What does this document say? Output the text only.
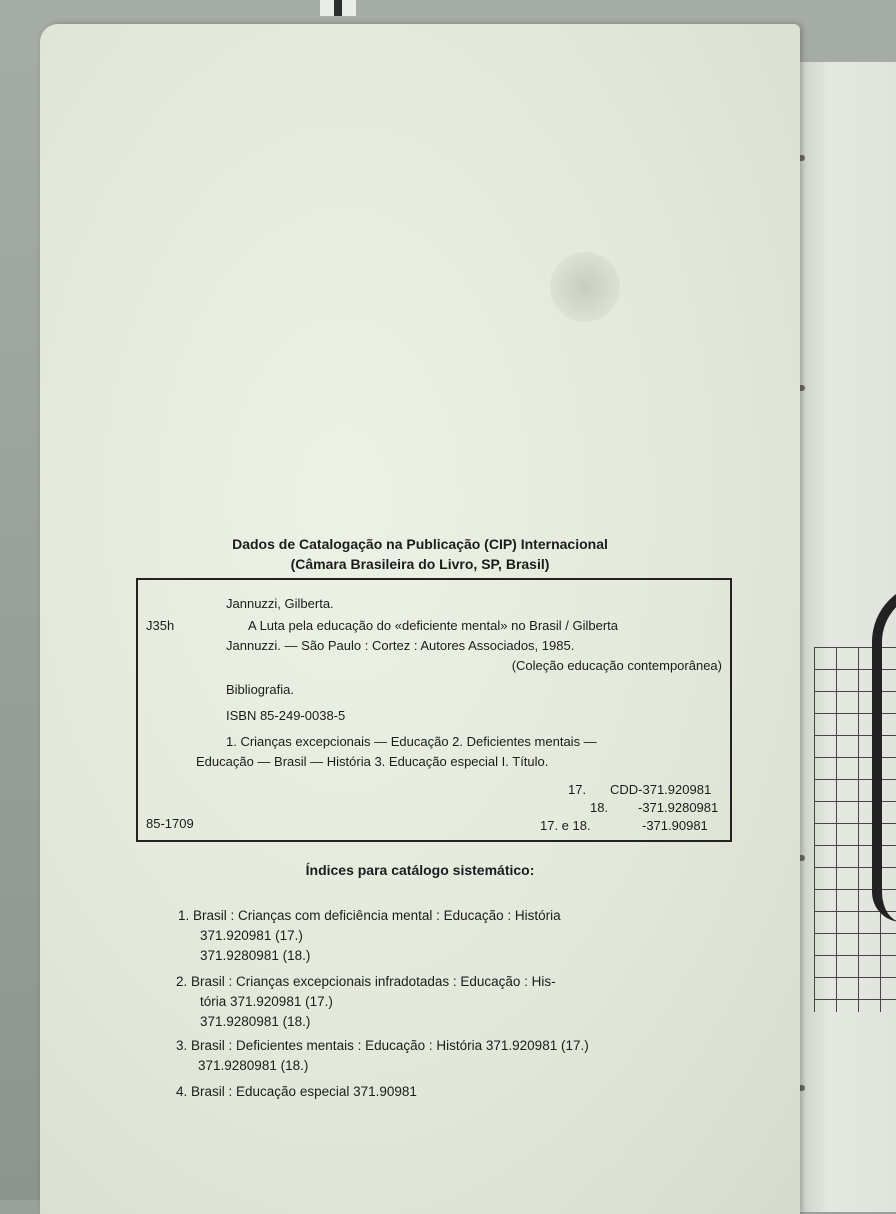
Dados de Catalogação na Publicação (CIP) Internacional
(Câmara Brasileira do Livro, SP, Brasil)
Jannuzzi, Gilberta.
J35h	A Luta pela educação do «deficiente mental» no Brasil / Gilberta
Jannuzzi. — São Paulo : Cortez : Autores Associados, 1985.
(Coleção educação contemporânea)
Bibliografia.
ISBN 85-249-0038-5
1. Crianças excepcionais — Educação 2. Deficientes mentais —
Educação — Brasil — História 3. Educação especial I. Título.
85-1709
17. CDD-371.920981
18. -371.9280981
17. e 18.	-371.90981
Índices para catálogo sistemático:
1. Brasil : Crianças com deficiência mental : Educação : História
371.920981 (17.)
371.9280981 (18.)
2. Brasil : Crianças excepcionais infradotadas : Educação : His-
tória 371.920981 (17.)
371.9280981 (18.)
3. Brasil : Deficientes mentais : Educação : História 371.920981 (17.)
371.9280981 (18.)
4. Brasil : Educação especial 371.90981
